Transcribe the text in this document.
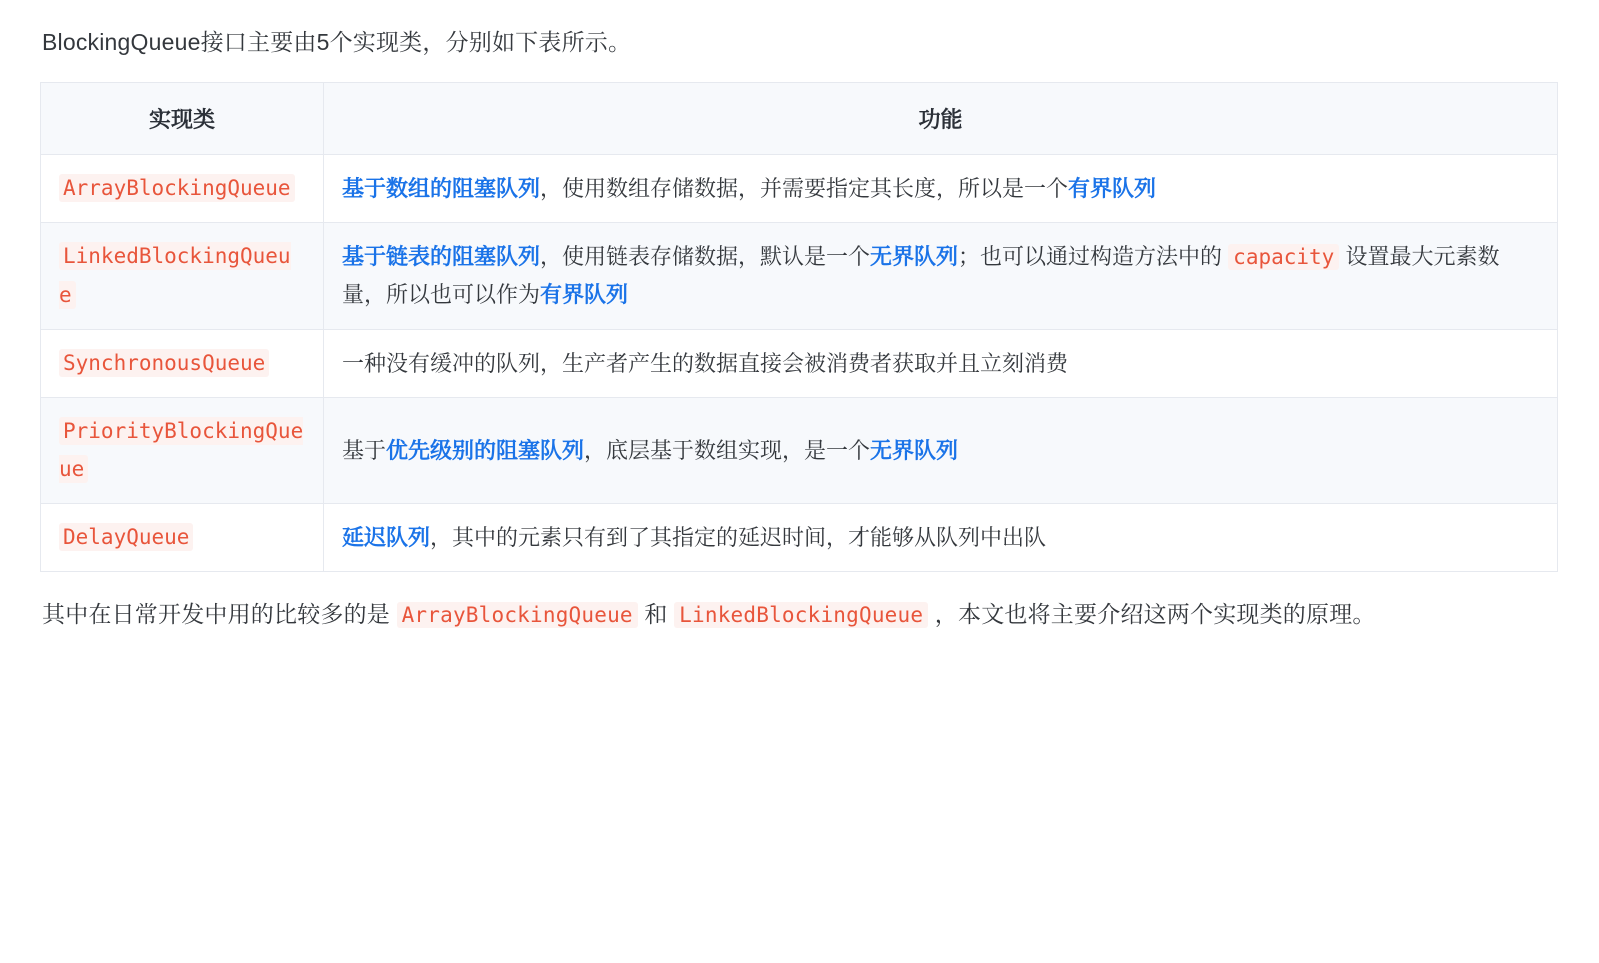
BlockingQueue接口主要由5个实现类，分别如下表所示。

实现类	功能
ArrayBlockingQueue	基于数组的阻塞队列，使用数组存储数据，并需要指定其长度，所以是一个有界队列
LinkedBlockingQueue	基于链表的阻塞队列，使用链表存储数据，默认是一个无界队列；也可以通过构造方法中的 capacity 设置最大元素数量，所以也可以作为有界队列
SynchronousQueue	一种没有缓冲的队列，生产者产生的数据直接会被消费者获取并且立刻消费
PriorityBlockingQueue	基于优先级别的阻塞队列，底层基于数组实现，是一个无界队列
DelayQueue	延迟队列，其中的元素只有到了其指定的延迟时间，才能够从队列中出队

其中在日常开发中用的比较多的是 ArrayBlockingQueue 和 LinkedBlockingQueue ，本文也将主要介绍这两个实现类的原理。
